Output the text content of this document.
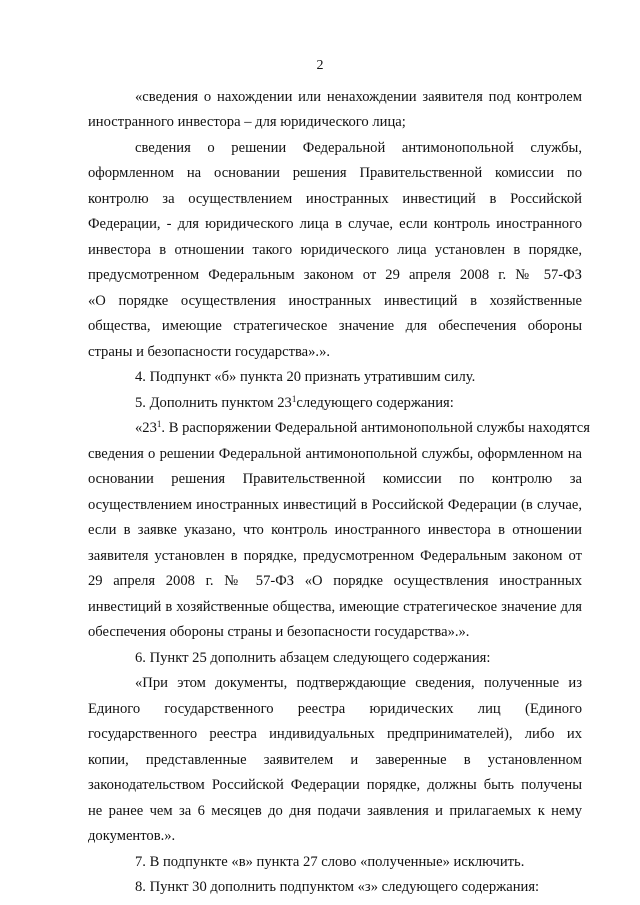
2
«сведения о нахождении или ненахождении заявителя под контролем
иностранного инвестора – для юридического лица;
сведения о решении Федеральной антимонопольной службы,
оформленном на основании решения Правительственной комиссии по
контролю за осуществлением иностранных инвестиций в Российской
Федерации, - для юридического лица в случае, если контроль иностранного
инвестора в отношении такого юридического лица установлен в порядке,
предусмотренном Федеральным законом от 29 апреля 2008 г. № 57-ФЗ
«О порядке осуществления иностранных инвестиций в хозяйственные
общества, имеющие стратегическое значение для обеспечения обороны
страны и безопасности государства».».
4. Подпункт «б» пункта 20 признать утратившим силу.
5. Дополнить пунктом $23^1следующего$ содержания:
«$23^1$. В распоряжении Федеральной антимонопольной службы находятся
сведения о решении Федеральной антимонопольной службы, оформленном на
основании решения Правительственной комиссии по контролю за
осуществлением иностранных инвестиций в Российской Федерации (в случае,
если в заявке указано, что контроль иностранного инвестора в отношении
заявителя установлен в порядке, предусмотренном Федеральным законом от
29 апреля 2008 г. № 57-ФЗ «О порядке осуществления иностранных
инвестиций в хозяйственные общества, имеющие стратегическое значение для
обеспечения обороны страны и безопасности государства».».
6. Пункт 25 дополнить абзацем следующего содержания:
«При этом документы, подтверждающие сведения, полученные из
Единого государственного реестра юридических лиц (Единого
государственного реестра индивидуальных предпринимателей), либо их
копии, представленные заявителем и заверенные в установленном
законодательством Российской Федерации порядке, должны быть получены
не ранее чем за 6 месяцев до дня подачи заявления и прилагаемых к нему
документов.».
7. В подпункте «в» пункта 27 слово «полученные» исключить.
8. Пункт 30 дополнить подпунктом «з» следующего содержания:
